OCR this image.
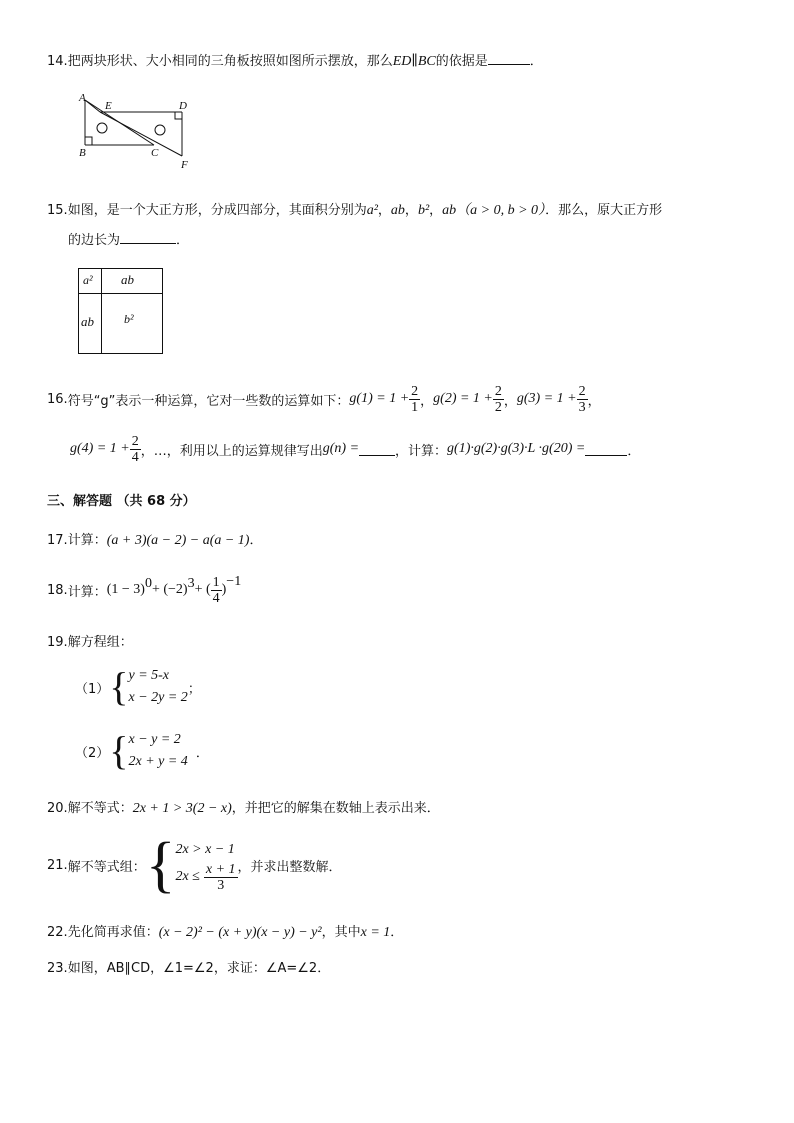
14.把两块形状、大小相同的三角板按照如图所示摆放，那么ED∥BC的依据是	．
A
E	D
B	C
F
15.如图，是一个大正方形，分成四部分，其面积分别为a²，ab，b²，ab（a > 0, b > 0）．那么，原大正方形
的边长为	．
a² ab
ab	b²
16. 符号“g”表示一种运算，它对一些数的运算如下： $g(1) = 1 + \frac{2}{1}$ ， $g(2) = 1 + \frac{2}{2}$ ， $g(3) = 1 + \frac{2}{3}$ ，
$g(4) = 1 + \frac{2}{4}$ ，…， 利用以上的运算规律写出 g(n) =	，计算： g(1)·g(2)·g(3)·L ·g(20) =	．
三、解答题 （共 68 分）
17.计算：(a + 3)(a − 2) − a(a − 1)．
18. 计算： (1 − 3) 0 + (−2) 3 + ( $\frac{1}{4}$ )
−1
19.解方程组：
（1） { y = 5-x
x − 2y = 2
；
（2） { x − y = 2
2x + y = 4
．
20.解不等式：2x + 1 > 3(2 − x)，并把它的解集在数轴上表示出来．
21. 解不等式组： { 2x > x − 1
$2x \le \frac{x + 1}{3}$ ，并求出整数解．
22.先化简再求值：(x − 2)² − (x + y)(x − y) − y²，其中x = 1．
23.如图，AB∥CD，∠1=∠2，求证：∠A=∠2．
